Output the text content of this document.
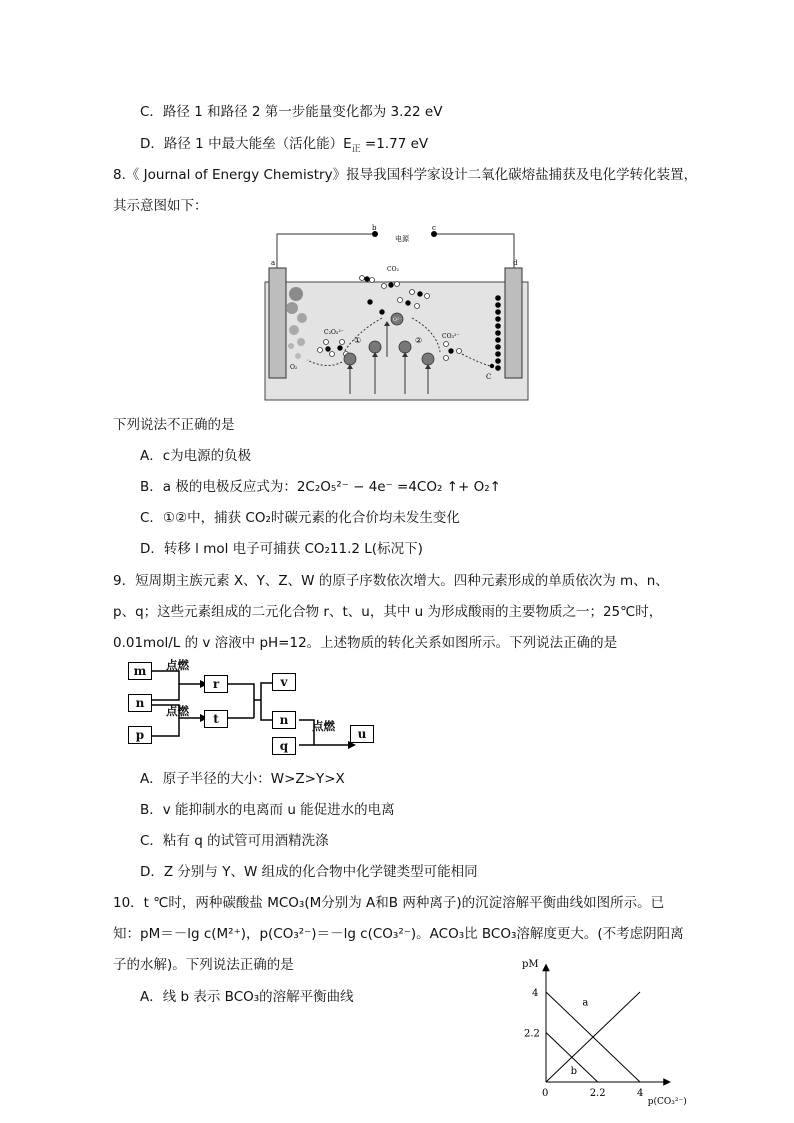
C．路径 1 和路径 2 第一步能量变化都为 3.22 eV
D．路径 1 中最大能垒（活化能）$E_正 =1.77$ eV
8.《 Journal of Energy Chemistry》报导我国科学家设计二氧化碳熔盐捕获及电化学转化装置，
其示意图如下：
b	c
电源
a	d
O₂
C
CO₂
O²⁻
C₂O₅²⁻
CO₃²⁻
①	②
下列说法不正确的是
A．c为电源的负极
B．a 极的电极反应式为：2C₂O₅²⁻ − 4e⁻ =4CO₂ ↑+ O₂↑
C．①②中，捕获 CO₂时碳元素的化合价均未发生变化
D．转移 l mol 电子可捕获 CO₂11.2 L(标况下)
9．短周期主族元素 X、Y、Z、W 的原子序数依次增大。四种元素形成的单质依次为 m、n、
p、q；这些元素组成的二元化合物 r、t、u，其中 u 为形成酸雨的主要物质之一；25℃时，
0.01mol/L 的 v 溶液中 pH=12。上述物质的转化关系如图所示。下列说法正确的是
m
n
p
r
t
v
n
q
u
点燃
点燃
点燃
A．原子半径的大小：W>Z>Y>X
B．v 能抑制水的电离而 u 能促进水的电离
C．粘有 q 的试管可用酒精洗涤
D．Z 分别与 Y、W 组成的化合物中化学键类型可能相同
10．t ℃时，两种碳酸盐 MCO₃(M分别为 A和B 两种离子)的沉淀溶解平衡曲线如图所示。已
知：pM＝－lg c(M²⁺)，p(CO₃²⁻)＝－lg c(CO₃²⁻)。ACO₃比 BCO₃溶解度更大。(不考虑阴阳离
子的水解)。下列说法正确的是
A．线 b 表示 BCO₃的溶解平衡曲线	a
b
0	2.2	4
2.2
4
pM
p(CO₃²⁻)
